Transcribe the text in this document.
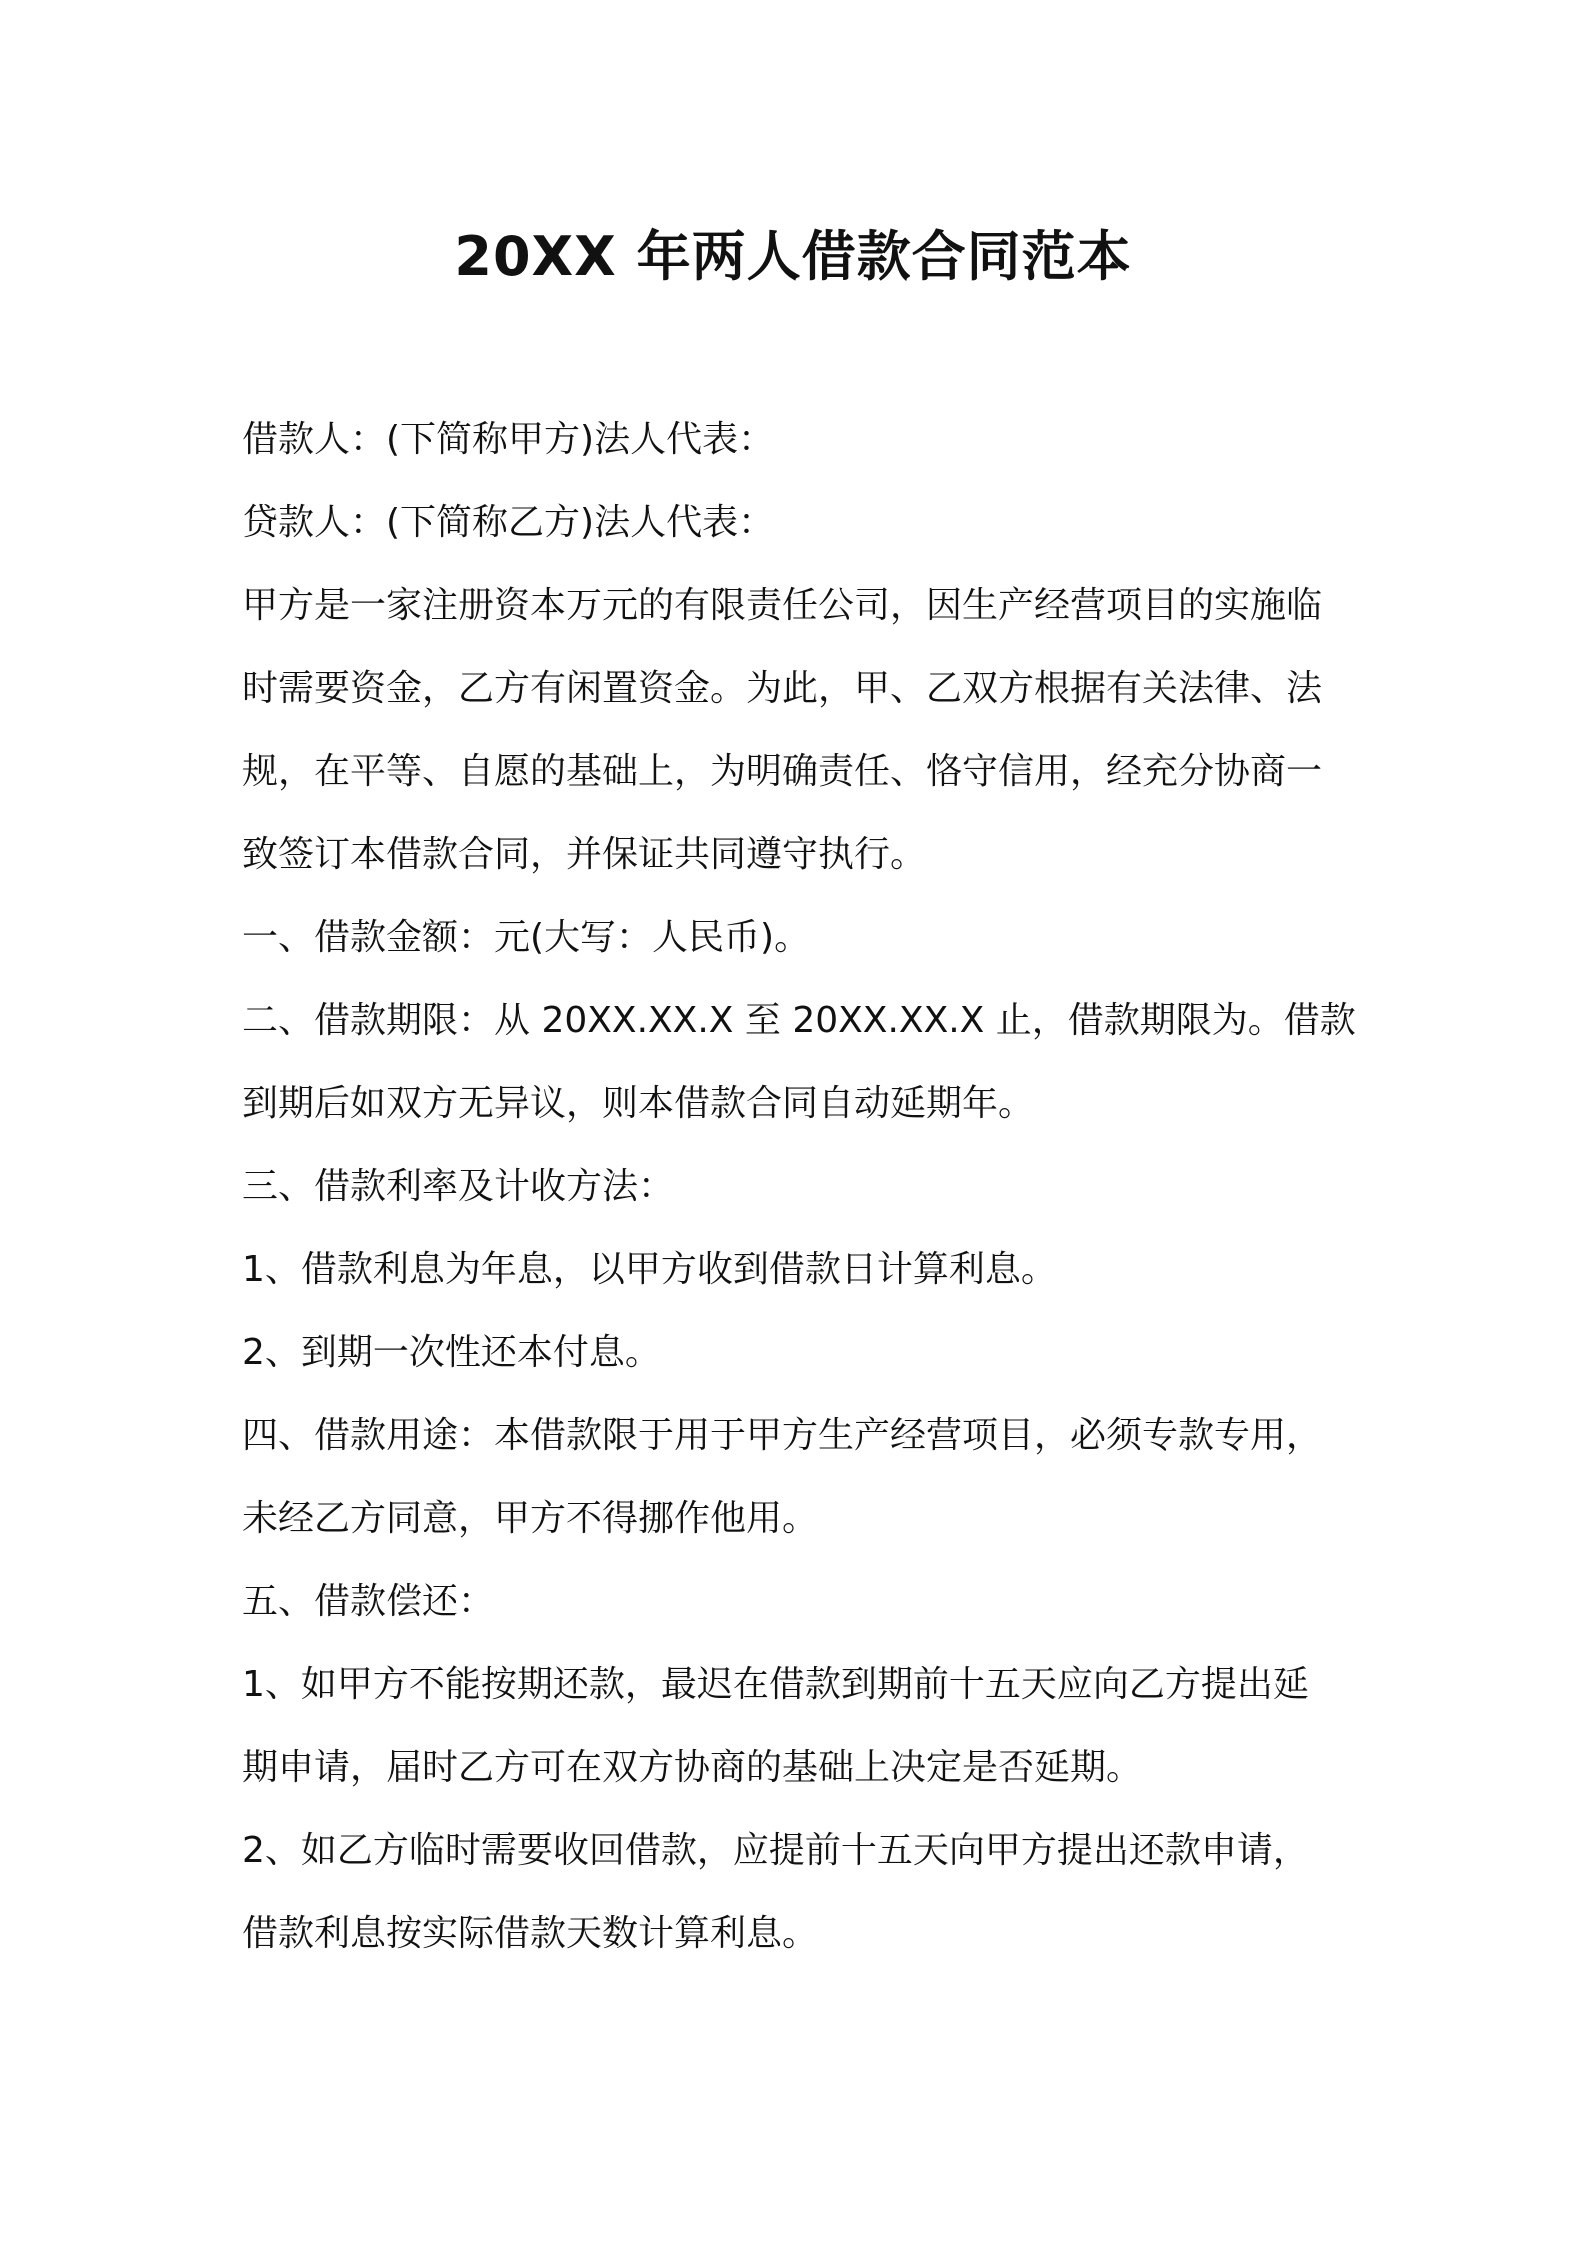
20XX 年两人借款合同范本

借款人：(下简称甲方)法人代表：

贷款人：(下简称乙方)法人代表：

甲方是一家注册资本万元的有限责任公司，因生产经营项目的实施临
时需要资金，乙方有闲置资金。为此，甲、乙双方根据有关法律、法
规，在平等、自愿的基础上，为明确责任、恪守信用，经充分协商一
致签订本借款合同，并保证共同遵守执行。

一、借款金额：元(大写：人民币)。

二、借款期限：从 20XX.XX.X 至 20XX.XX.X 止，借款期限为。借款
到期后如双方无异议，则本借款合同自动延期年。

三、借款利率及计收方法：

1、借款利息为年息，以甲方收到借款日计算利息。

2、到期一次性还本付息。

四、借款用途：本借款限于用于甲方生产经营项目，必须专款专用，
未经乙方同意，甲方不得挪作他用。

五、借款偿还：

1、如甲方不能按期还款，最迟在借款到期前十五天应向乙方提出延
期申请，届时乙方可在双方协商的基础上决定是否延期。

2、如乙方临时需要收回借款，应提前十五天向甲方提出还款申请，
借款利息按实际借款天数计算利息。
